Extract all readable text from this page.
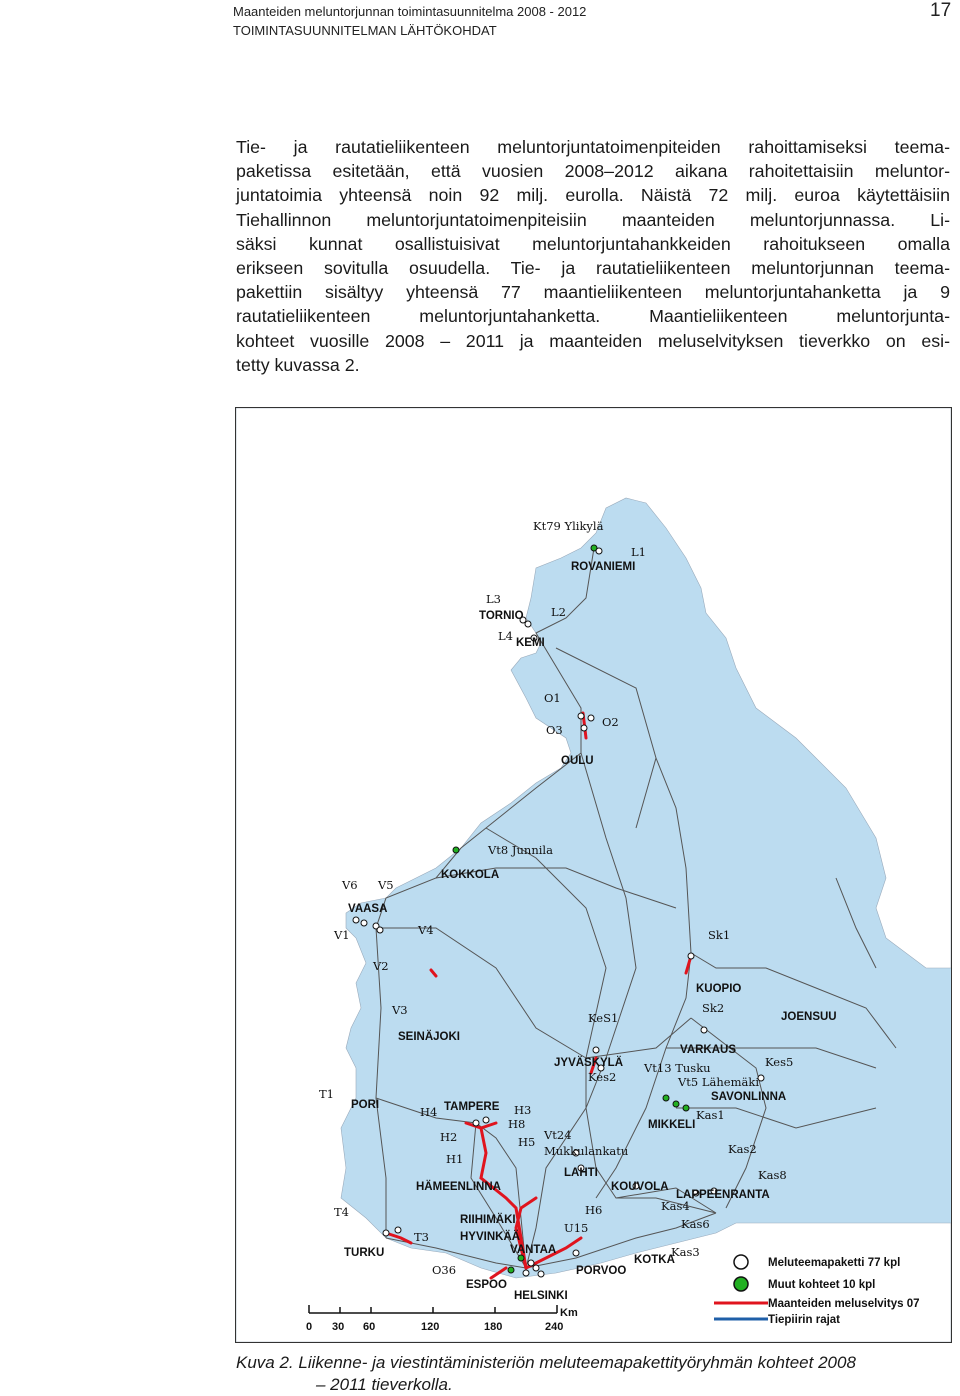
Maanteiden meluntorjunnan toimintasuunnitelma 2008 - 2012
TOIMINTASUUNNITELMAN LÄHTÖKOHDAT
17
Tie- ja rautatieliikenteen meluntorjuntatoimenpiteiden rahoittamiseksi teema-
paketissa esitetään, että vuosien 2008–2012 aikana rahoitettaisiin meluntor-
juntatoimia yhteensä noin 92 milj. eurolla. Näistä 72 milj. euroa käytettäisiin
Tiehallinnon meluntorjuntatoimenpiteisiin maanteiden meluntorjunnassa. Li-
säksi kunnat osallistuisivat meluntorjuntahankkeiden rahoitukseen omalla
erikseen sovitulla osuudella. Tie- ja rautatieliikenteen meluntorjunnan teema-
pakettiin sisältyy yhteensä 77 maantieliikenteen meluntorjuntahanketta ja 9
rautatieliikenteen meluntorjuntahanketta. Maantieliikenteen meluntorjunta-
kohteet vuosille 2008 – 2011 ja maanteiden meluselvityksen tieverkko on esi-
tetty kuvassa 2.
ROVANIEMI
TORNIO
KEMI
OULU
KOKKOLA
VAASA
SEINÄJOKI
KUOPIO
JOENSUU
VARKAUS
JYVÄSKYLÄ
SAVONLINNA
PORI	TAMPERE
MIKKELI
LAHTI
HÄMEENLINNA	KOUVOLA
LAPPEENRANTA
RIIHIMÄKI
HYVINKÄÄ
VANTAA
TURKU
KOTKA
PORVOO
ESPOO
HELSINKI
Kt79 Ylikylä
L1
L3
L2
L4
O1
O2
O3
Vt8 Junnila
V6 V5
V1	V4
V2
V3
Sk1
Sk2
KeS1
Kes5
Vt13 Tusku
Kes2	Vt5 Lähemäki
T1
H4	H3
H8
H5
Kas1
Vt24
Mukkulankatu
H2
H1
Kas2
Kas8
T4	Kas4
H6
U15	Kas6
T3
Kas3
O36	Meluteemapaketti 77 kpl
Muut kohteet 10 kpl
Maanteiden meluselvitys 07
Tiepiirin rajat
0 30 60	120	180	240
Km
Kuva 2. Liikenne- ja viestintäministeriön meluteemapakettityöryhmän kohteet 2008
– 2011 tieverkolla.
